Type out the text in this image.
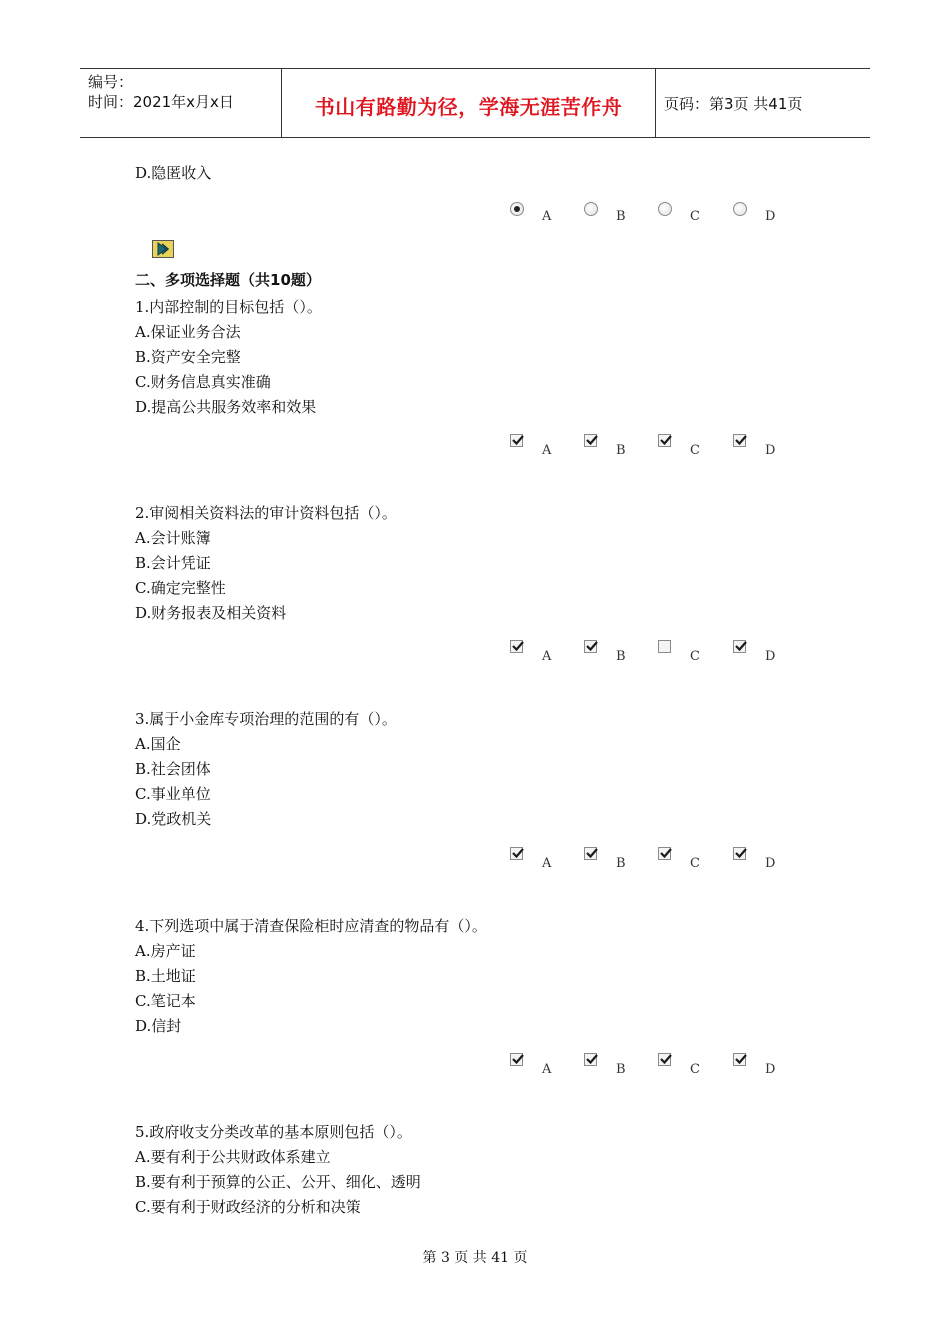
编号：
时间：2021年x月x日	书山有路勤为径，学海无涯苦作舟	页码：第3页 共41页
D.隐匿收入
A	B	C	D
二、多项选择题（共10题）
1.内部控制的目标包括（）。
A.保证业务合法
B.资产安全完整
C.财务信息真实准确
D.提高公共服务效率和效果
2.审阅相关资料法的审计资料包括（）。
A.会计账簿
B.会计凭证
C.确定完整性
D.财务报表及相关资料
3.属于小金库专项治理的范围的有（）。
A.国企
B.社会团体
C.事业单位
D.党政机关
4.下列选项中属于清查保险柜时应清查的物品有（）。
A.房产证
B.土地证
C.笔记本
D.信封
5.政府收支分类改革的基本原则包括（）。
A.要有利于公共财政体系建立
B.要有利于预算的公正、公开、细化、透明
C.要有利于财政经济的分析和决策
A	B	C	D
A	B	C	D
A	B	C	D
A	B	C	D
第 3 页 共 41 页
